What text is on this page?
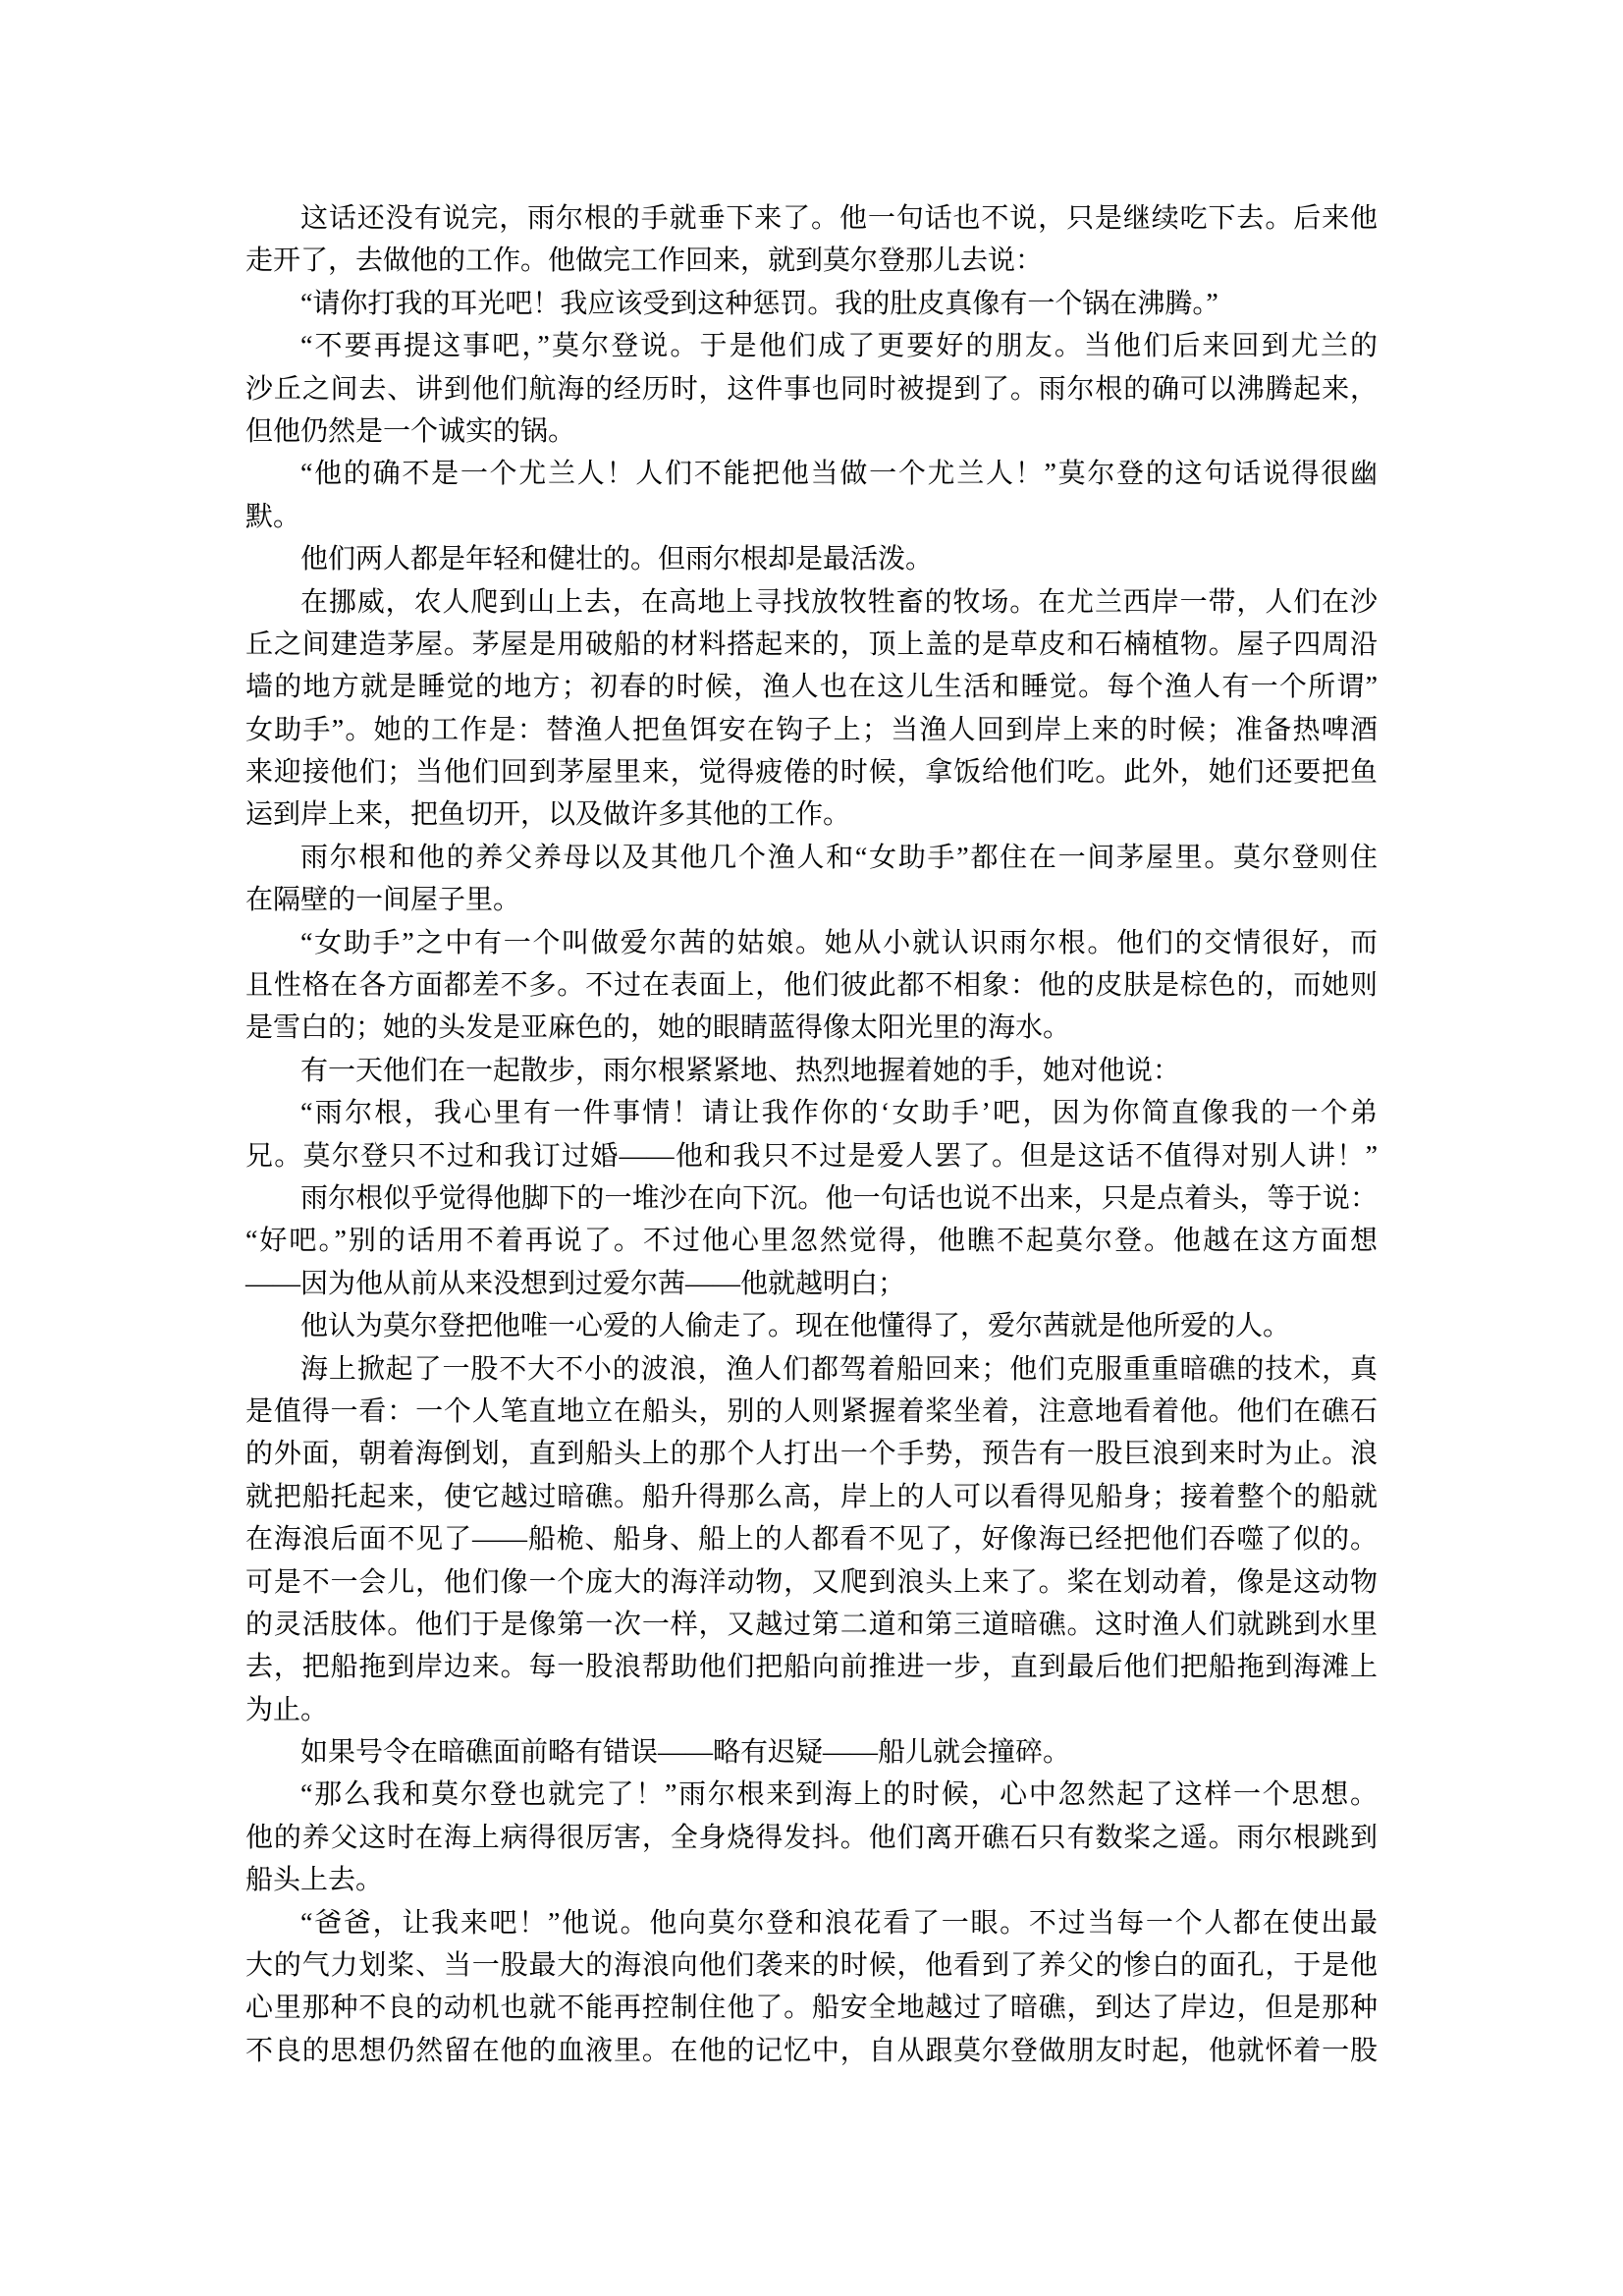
这话还没有说完，雨尔根的手就垂下来了。他一句话也不说，只是继续吃下去。后来他
走开了，去做他的工作。他做完工作回来，就到莫尔登那儿去说：
“请你打我的耳光吧！我应该受到这种惩罚。我的肚皮真像有一个锅在沸腾。”
“不要再提这事吧，”莫尔登说。于是他们成了更要好的朋友。当他们后来回到尤兰的
沙丘之间去、讲到他们航海的经历时，这件事也同时被提到了。雨尔根的确可以沸腾起来，
但他仍然是一个诚实的锅。
“他的确不是一个尤兰人！人们不能把他当做一个尤兰人！”莫尔登的这句话说得很幽
默。
他们两人都是年轻和健壮的。但雨尔根却是最活泼。
在挪威，农人爬到山上去，在高地上寻找放牧牲畜的牧场。在尤兰西岸一带，人们在沙
丘之间建造茅屋。茅屋是用破船的材料搭起来的，顶上盖的是草皮和石楠植物。屋子四周沿
墙的地方就是睡觉的地方；初春的时候，渔人也在这儿生活和睡觉。每个渔人有一个所谓”
女助手”。她的工作是：替渔人把鱼饵安在钩子上；当渔人回到岸上来的时候；准备热啤酒
来迎接他们；当他们回到茅屋里来，觉得疲倦的时候，拿饭给他们吃。此外，她们还要把鱼
运到岸上来，把鱼切开，以及做许多其他的工作。
雨尔根和他的养父养母以及其他几个渔人和“女助手”都住在一间茅屋里。莫尔登则住
在隔壁的一间屋子里。
“女助手”之中有一个叫做爱尔茜的姑娘。她从小就认识雨尔根。他们的交情很好，而
且性格在各方面都差不多。不过在表面上，他们彼此都不相象：他的皮肤是棕色的，而她则
是雪白的；她的头发是亚麻色的，她的眼睛蓝得像太阳光里的海水。
有一天他们在一起散步，雨尔根紧紧地、热烈地握着她的手，她对他说：
“雨尔根，我心里有一件事情！请让我作你的‘女助手’吧，因为你简直像我的一个弟
兄。莫尔登只不过和我订过婚——他和我只不过是爱人罢了。但是这话不值得对别人讲！”
雨尔根似乎觉得他脚下的一堆沙在向下沉。他一句话也说不出来，只是点着头，等于说：
“好吧。”别的话用不着再说了。不过他心里忽然觉得，他瞧不起莫尔登。他越在这方面想
——因为他从前从来没想到过爱尔茜——他就越明白；
他认为莫尔登把他唯一心爱的人偷走了。现在他懂得了，爱尔茜就是他所爱的人。
海上掀起了一股不大不小的波浪，渔人们都驾着船回来；他们克服重重暗礁的技术，真
是值得一看：一个人笔直地立在船头，别的人则紧握着桨坐着，注意地看着他。他们在礁石
的外面，朝着海倒划，直到船头上的那个人打出一个手势，预告有一股巨浪到来时为止。浪
就把船托起来，使它越过暗礁。船升得那么高，岸上的人可以看得见船身；接着整个的船就
在海浪后面不见了——船桅、船身、船上的人都看不见了，好像海已经把他们吞噬了似的。
可是不一会儿，他们像一个庞大的海洋动物，又爬到浪头上来了。桨在划动着，像是这动物
的灵活肢体。他们于是像第一次一样，又越过第二道和第三道暗礁。这时渔人们就跳到水里
去，把船拖到岸边来。每一股浪帮助他们把船向前推进一步，直到最后他们把船拖到海滩上
为止。
如果号令在暗礁面前略有错误——略有迟疑——船儿就会撞碎。
“那么我和莫尔登也就完了！”雨尔根来到海上的时候，心中忽然起了这样一个思想。
他的养父这时在海上病得很厉害，全身烧得发抖。他们离开礁石只有数桨之遥。雨尔根跳到
船头上去。
“爸爸，让我来吧！”他说。他向莫尔登和浪花看了一眼。不过当每一个人都在使出最
大的气力划桨、当一股最大的海浪向他们袭来的时候，他看到了养父的惨白的面孔，于是他
心里那种不良的动机也就不能再控制住他了。船安全地越过了暗礁，到达了岸边，但是那种
不良的思想仍然留在他的血液里。在他的记忆中，自从跟莫尔登做朋友时起，他就怀着一股
